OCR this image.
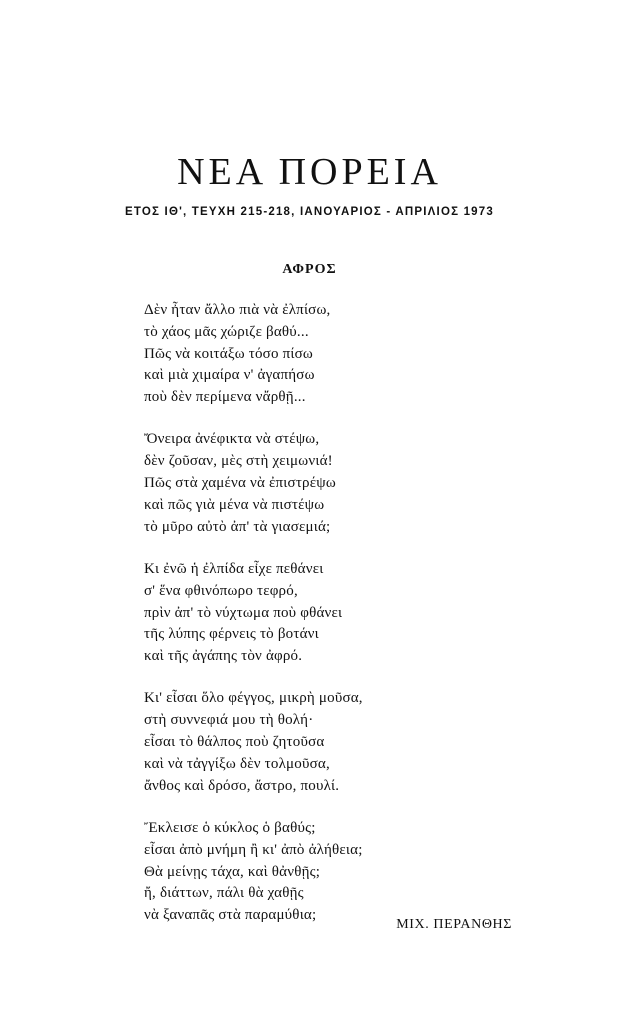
ΝΕΑ ΠΟΡΕΙΑ

ΕΤΟΣ ΙΘ', ΤΕΥΧΗ 215-218, ΙΑΝΟΥΑΡΙΟΣ - ΑΠΡΙΛΙΟΣ 1973

ΑΦΡΟΣ
Δὲν ἦταν ἄλλο πιὰ νὰ ἐλπίσω,
τὸ χάος μᾶς χώριζε βαθύ...
Πῶς νὰ κοιτάξω τόσο πίσω
καὶ μιὰ χιμαίρα ν' ἀγαπήσω
ποὺ δὲν περίμενα νἄρθῇ...
Ὄνειρα ἀνέφικτα νὰ στέψω,
δὲν ζοῦσαν, μὲς στὴ χειμωνιά!
Πῶς στὰ χαμένα νὰ ἐπιστρέψω
καὶ πῶς γιὰ μένα νὰ πιστέψω
τὸ μῦρο αὐτὸ ἀπ' τὰ γιασεμιά;
Κι ἐνῶ ἡ ἐλπίδα εἶχε πεθάνει
σ' ἕνα φθινόπωρο τεφρό,
πρὶν ἀπ' τὸ νύχτωμα ποὺ φθάνει
τῆς λύπης φέρνεις τὸ βοτάνι
καὶ τῆς ἀγάπης τὸν ἀφρό.
Κι' εἶσαι ὅλο φέγγος, μικρὴ μοῦσα,
στὴ συννεφιά μου τὴ θολή·
εἶσαι τὸ θάλπος ποὺ ζητοῦσα
καὶ νὰ τἀγγίξω δὲν τολμοῦσα,
ἄνθος καὶ δρόσο, ἄστρο, πουλί.
Ἔκλεισε ὁ κύκλος ὁ βαθύς;
εἶσαι ἀπὸ μνήμη ἢ κι' ἀπὸ ἀλήθεια;
Θὰ μείνῃς τάχα, καὶ θἀνθῇς;
ἤ, διάττων, πάλι θὰ χαθῇς
νὰ ξαναπᾶς στὰ παραμύθια;

ΜΙΧ. ΠΕΡΑΝΘΗΣ
